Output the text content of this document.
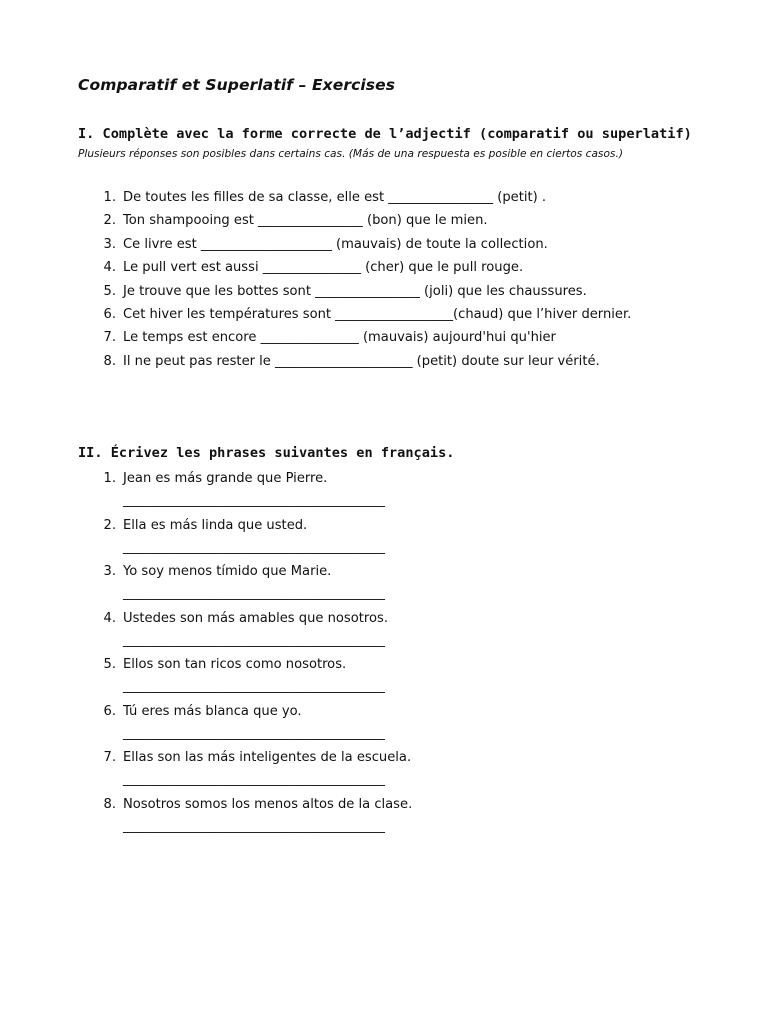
Comparatif et Superlatif – Exercises
I. Complète avec la forme correcte de l’adjectif (comparatif ou superlatif)
Plusieurs réponses son posibles dans certains cas. (Más de una respuesta es posible en ciertos casos.)
1. De toutes les filles de sa classe, elle est ________________ (petit) .
2. Ton shampooing est ________________ (bon) que le mien.
3. Ce livre est ____________________ (mauvais) de toute la collection.
4. Le pull vert est aussi _______________ (cher) que le pull rouge.
5. Je trouve que les bottes sont ________________ (joli) que les chaussures.
6. Cet hiver les températures sont __________________(chaud) que l’hiver dernier.
7. Le temps est encore _______________ (mauvais) aujourd'hui qu'hier
8. Il ne peut pas rester le _____________________ (petit) doute sur leur vérité.
II. Écrivez les phrases suivantes en français.
1. Jean es más grande que Pierre.
________________________________________
2. Ella es más linda que usted.
________________________________________
3. Yo soy menos tímido que Marie.
________________________________________
4. Ustedes son más amables que nosotros.
________________________________________
5. Ellos son tan ricos como nosotros.
________________________________________
6. Tú eres más blanca que yo.
________________________________________
7. Ellas son las más inteligentes de la escuela.
________________________________________
8. Nosotros somos los menos altos de la clase.
________________________________________
